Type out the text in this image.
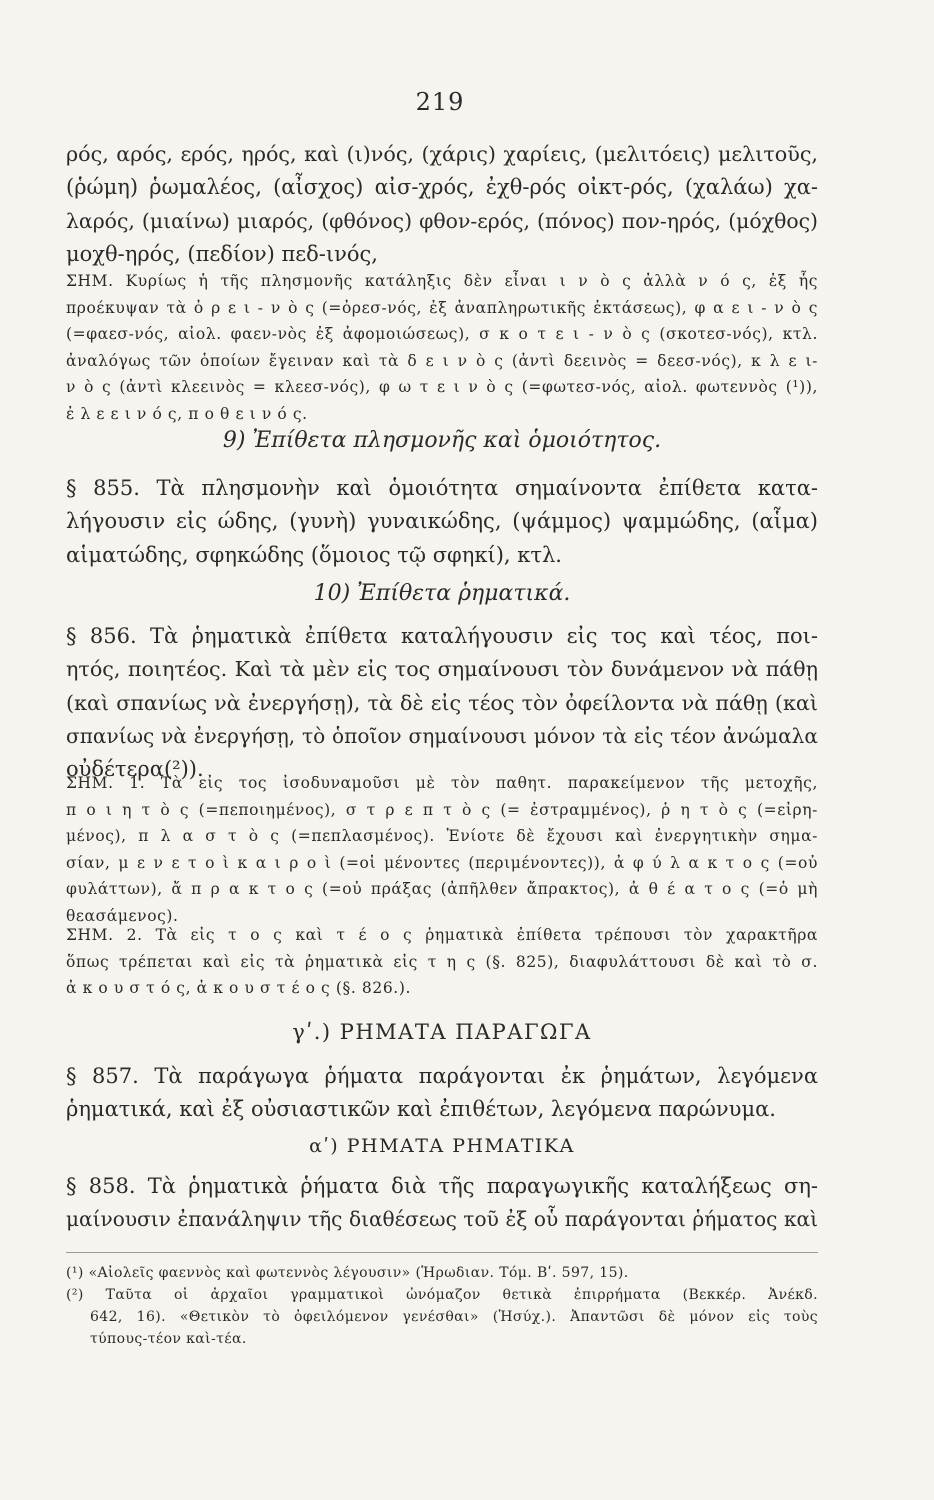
219
ρός, αρός, ερός, ηρός, καὶ (ι)νός, (χάρις) χαρίεις, (μελιτόεις) μελιτοῦς,
(ῥώμη) ῥωμαλέος, (αἶσχος) αἰσ-χρός, ἐχθ-ρός οἰκτ-ρός, (χαλάω) χα-
λαρός, (μιαίνω) μιαρός, (φθόνος) φθον-ερός, (πόνος) πον-ηρός, (μόχθος)
μοχθ-ηρός, (πεδίον) πεδ-ινός,
ΣΗΜ. Κυρίως ἡ τῆς πλησμονῆς κατάληξις δὲν εἶναι ι ν ὸ ς ἀλλὰ ν ό ς, ἐξ ἧς
προέκυψαν τὰ ὀ ρ ε ι - ν ὸ ς (=ὀρεσ-νός, ἐξ ἀναπληρωτικῆς ἐκτάσεως), φ α ε ι - ν ὸ ς
(=φαεσ-νός, αἰολ. φαεν-νὸς ἐξ ἀφομοιώσεως), σ κ ο τ ε ι - ν ὸ ς (σκοτεσ-νός), κτλ.
ἀναλόγως τῶν ὁποίων ἔγειναν καὶ τὰ δ ε ι ν ὸ ς (ἀντὶ δεεινὸς = δεεσ-νός), κ λ ε ι-
ν ὸ ς (ἀντὶ κλεεινὸς = κλεεσ-νός), φ ω τ ε ι ν ὸ ς (=φωτεσ-νός, αἰολ. φωτεννὸς (¹)),
ἐ λ ε ε ι ν ό ς, π ο θ ε ι ν ό ς.
9) Ἐπίθετα πλησμονῆς καὶ ὁμοιότητος.
§ 855. Τὰ πλησμονὴν καὶ ὁμοιότητα σημαίνοντα ἐπίθετα κατα-
λήγουσιν εἰς ώδης, (γυνὴ) γυναικώδης, (ψάμμος) ψαμμώδης, (αἷμα)
αἱματώδης, σφηκώδης (ὅμοιος τῷ σφηκί), κτλ.
10) Ἐπίθετα ῥηματικά.
§ 856. Τὰ ῥηματικὰ ἐπίθετα καταλήγουσιν εἰς τος καὶ τέος, ποι-
ητός, ποιητέος. Καὶ τὰ μὲν εἰς τος σημαίνουσι τὸν δυνάμενον νὰ πάθῃ
(καὶ σπανίως νὰ ἐνεργήσῃ), τὰ δὲ εἰς τέος τὸν ὀφείλοντα νὰ πάθῃ (καὶ
σπανίως νὰ ἐνεργήσῃ, τὸ ὁποῖον σημαίνουσι μόνον τὰ εἰς τέον ἀνώμαλα
οὐδέτερα(²)).
ΣΗΜ. 1. Τὰ εἰς τος ἰσοδυναμοῦσι μὲ τὸν παθητ. παρακείμενον τῆς μετοχῆς,
π ο ι η τ ὸ ς (=πεποιημένος), σ τ ρ ε π τ ὸ ς (= ἐστραμμένος), ῥ η τ ὸ ς (=εἰρη-
μένος), π λ α σ τ ὸ ς (=πεπλασμένος). Ἐνίοτε δὲ ἔχουσι καὶ ἐνεργητικὴν σημα-
σίαν, μ ε ν ε τ ο ὶ κ α ι ρ ο ὶ (=οἱ μένοντες (περιμένοντες)), ἀ φ ύ λ α κ τ ο ς (=οὐ
φυλάττων), ἄ π ρ α κ τ ο ς (=οὐ πράξας (ἀπῆλθεν ἄπρακτος), ἀ θ έ α τ ο ς (=ὁ μὴ
θεασάμενος).
ΣΗΜ. 2. Τὰ εἰς τ ο ς καὶ τ έ ο ς ῥηματικὰ ἐπίθετα τρέπουσι τὸν χαρακτῆρα
ὅπως τρέπεται καὶ εἰς τὰ ῥηματικὰ εἰς τ η ς (§. 825), διαφυλάττουσι δὲ καὶ τὸ σ.
ἀ κ ο υ σ τ ό ς, ἀ κ ο υ σ τ έ ο ς (§. 826.).
γʹ.) ΡΗΜΑΤΑ ΠΑΡΑΓΩΓΑ
§ 857. Τὰ παράγωγα ῥήματα παράγονται ἐκ ῥημάτων, λεγόμενα
ῥηματικά, καὶ ἐξ οὐσιαστικῶν καὶ ἐπιθέτων, λεγόμενα παρώνυμα.
αʹ) ΡΗΜΑΤΑ ΡΗΜΑΤΙΚΑ
§ 858. Τὰ ῥηματικὰ ῥήματα διὰ τῆς παραγωγικῆς καταλήξεως ση-
μαίνουσιν ἐπανάληψιν τῆς διαθέσεως τοῦ ἐξ οὗ παράγονται ῥήματος καὶ
(¹) «Αἰολεῖς φαεννὸς καὶ φωτεννὸς λέγουσιν» (Ἡρωδιαν. Τόμ. Βʹ. 597, 15).
(²) Ταῦτα οἱ ἀρχαῖοι γραμματικοὶ ὠνόμαζον θετικὰ ἐπιρρήματα (Βεκκέρ. Ἀνέκδ.
642, 16). «Θετικὸν τὸ ὀφειλόμενον γενέσθαι» (Ἡσύχ.). Ἀπαντῶσι δὲ μόνον εἰς τοὺς
τύπους-τέον καὶ-τέα.
